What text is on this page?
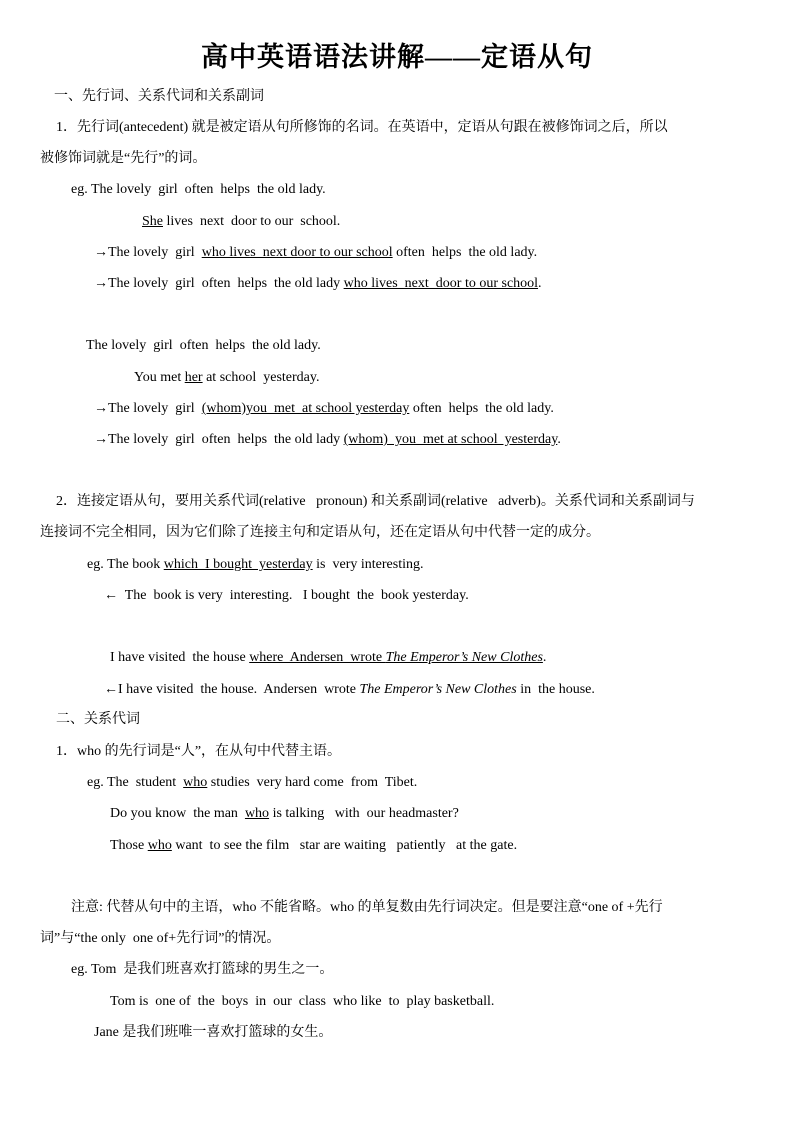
高中英语语法讲解——定语从句
一、先行词、关系代词和关系副词
1．先行词(antecedent) 就是被定语从句所修饰的名词。在英语中，定语从句跟在被修饰词之后，所以
被修饰词就是“先行”的词。
eg. The lovely  girl  often  helps  the old lady.
She lives  next  door to our  school.
→The lovely  girl  who lives  next door to our school often  helps  the old lady.
→The lovely  girl  often  helps  the old lady who lives  next  door to our school.
The lovely  girl  often  helps  the old lady.
You met her at school  yesterday.
→The lovely  girl  (whom)you  met  at school yesterday often  helps  the old lady.
→The lovely  girl  often  helps  the old lady (whom)  you  met at school  yesterday.
2．连接定语从句，要用关系代词(relative   pronoun) 和关系副词(relative   adverb)。关系代词和关系副词与
连接词不完全相同，因为它们除了连接主句和定语从句，还在定语从句中代替一定的成分。
eg. The book which  I bought  yesterday is  very interesting.
←  The  book is very  interesting.   I bought  the  book yesterday.
I have visited  the house where  Andersen  wrote The Emperor’s New Clothes.
←I have visited  the house.  Andersen  wrote The Emperor’s New Clothes in  the house.
二、关系代词
1．who 的先行词是“人”，在从句中代替主语。
eg. The  student  who studies  very hard come  from  Tibet.
Do you know  the man  who is talking   with  our headmaster?
Those who want  to see the film   star are waiting   patiently   at the gate.
注意: 代替从句中的主语，who 不能省略。who 的单复数由先行词决定。但是要注意“one of +先行
词”与“the only  one of+先行词”的情况。
eg. Tom  是我们班喜欢打篮球的男生之一。
Tom is  one of  the  boys  in  our  class  who like  to  play basketball.
Jane 是我们班唯一喜欢打篮球的女生。
